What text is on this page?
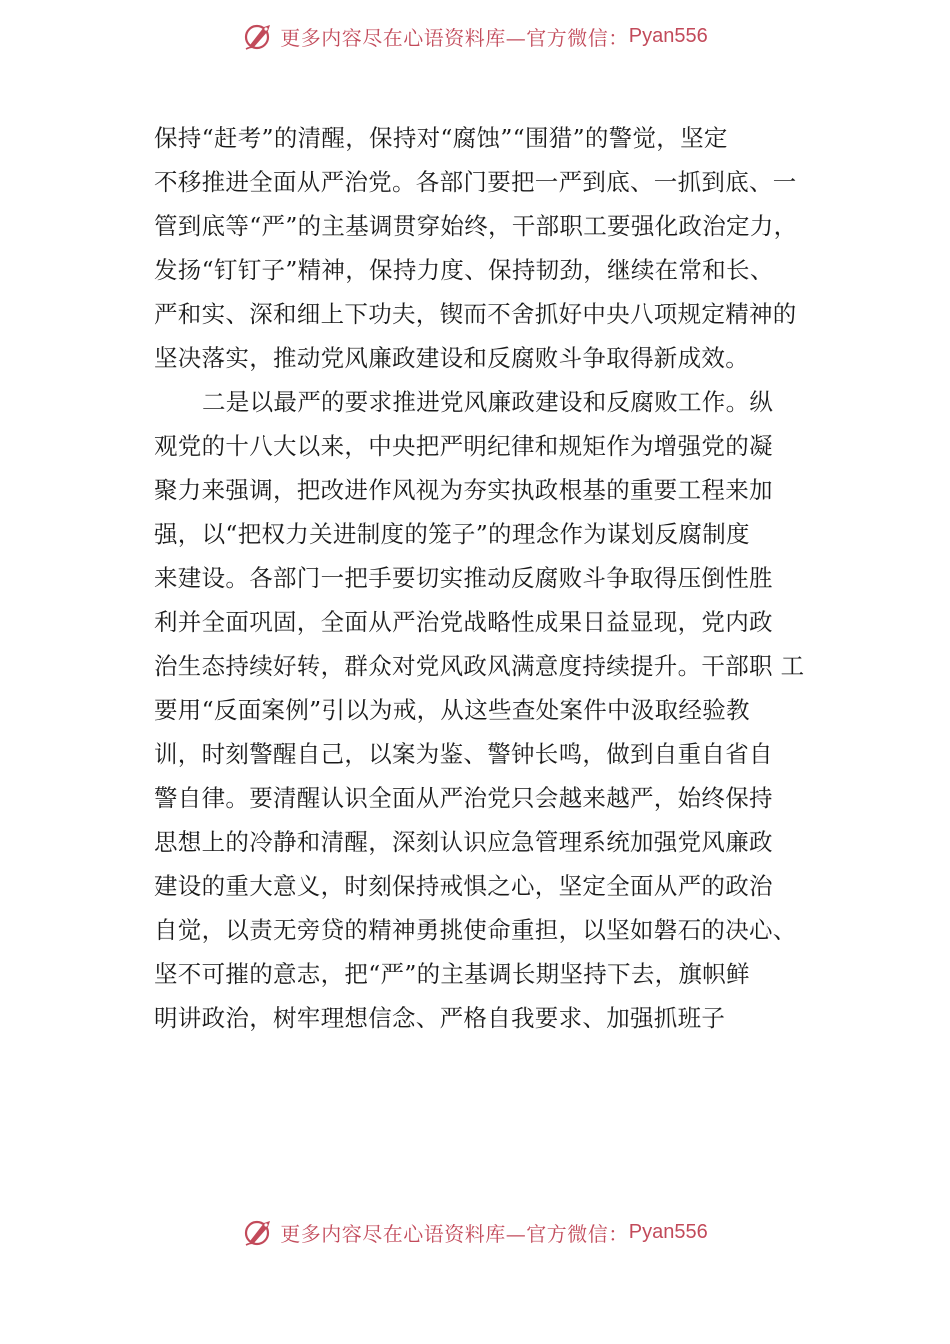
更多内容尽在心语资料库—官方微信： Pyan556
保持“赶考”的清醒，保持对“腐蚀”“围猎”的警觉，坚定
不移推进全面从严治党。各部门要把一严到底、一抓到底、一
管到底等“严”的主基调贯穿始终，干部职工要强化政治定力，
发扬“钉钉子”精神，保持力度、保持韧劲，继续在常和长、
严和实、深和细上下功夫，锲而不舍抓好中央八项规定精神的
坚决落实，推动党风廉政建设和反腐败斗争取得新成效。
二是以最严的要求推进党风廉政建设和反腐败工作。纵
观党的十八大以来，中央把严明纪律和规矩作为增强党的凝
聚力来强调，把改进作风视为夯实执政根基的重要工程来加
强，以“把权力关进制度的笼子”的理念作为谋划反腐制度
来建设。各部门一把手要切实推动反腐败斗争取得压倒性胜
利并全面巩固，全面从严治党战略性成果日益显现，党内政
治生态持续好转，群众对党风政风满意度持续提升。干部职 工
要用“反面案例”引以为戒，从这些查处案件中汲取经验教
训，时刻警醒自己，以案为鉴、警钟长鸣，做到自重自省自
警自律。要清醒认识全面从严治党只会越来越严，始终保持
思想上的冷静和清醒，深刻认识应急管理系统加强党风廉政
建设的重大意义，时刻保持戒惧之心，坚定全面从严的政治
自觉，以责无旁贷的精神勇挑使命重担，以坚如磐石的决心、
坚不可摧的意志，把“严”的主基调长期坚持下去，旗帜鲜
明讲政治，树牢理想信念、严格自我要求、加强抓班子
更多内容尽在心语资料库—官方微信： Pyan556
